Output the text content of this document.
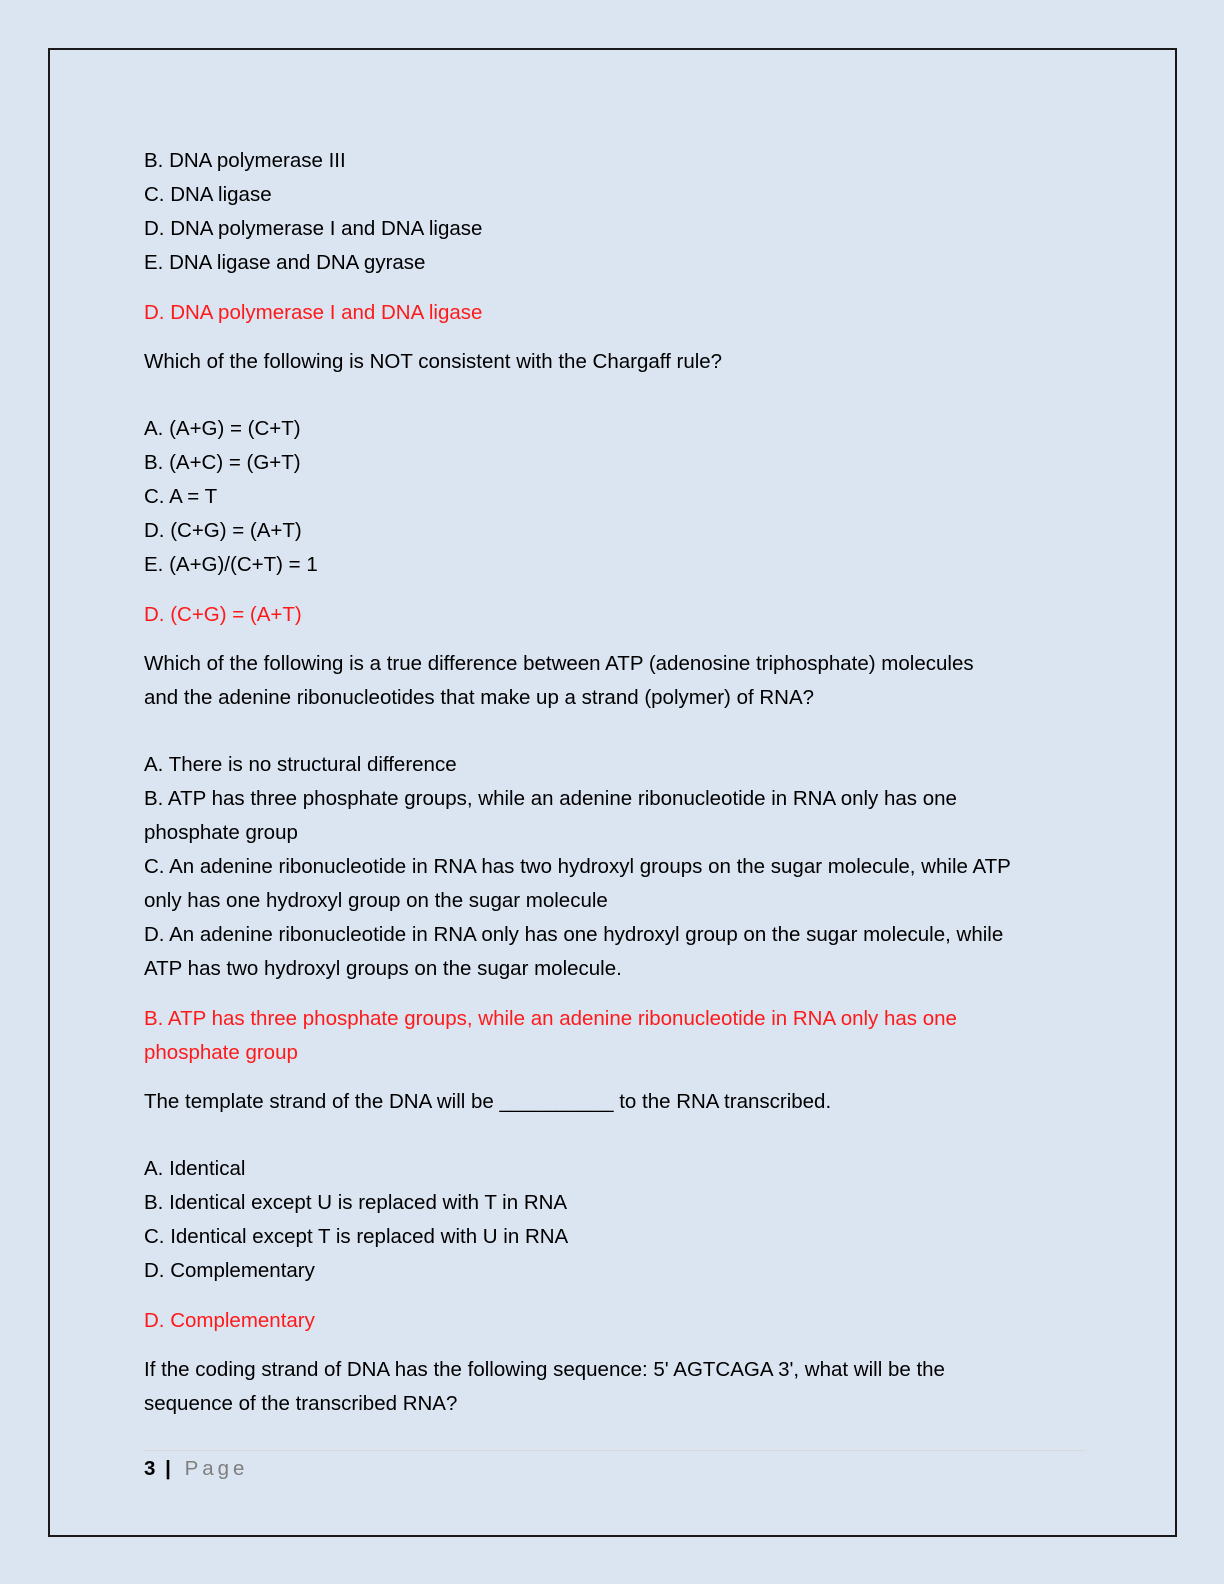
B. DNA polymerase III
C. DNA ligase
D. DNA polymerase I and DNA ligase
E. DNA ligase and DNA gyrase
D. DNA polymerase I and DNA ligase
Which of the following is NOT consistent with the Chargaff rule?
A. (A+G) = (C+T)
B. (A+C) = (G+T)
C. A = T
D. (C+G) = (A+T)
E. (A+G)/(C+T) = 1
D. (C+G) = (A+T)
Which of the following is a true difference between ATP (adenosine triphosphate) molecules
and the adenine ribonucleotides that make up a strand (polymer) of RNA?
A. There is no structural difference
B. ATP has three phosphate groups, while an adenine ribonucleotide in RNA only has one
phosphate group
C. An adenine ribonucleotide in RNA has two hydroxyl groups on the sugar molecule, while ATP
only has one hydroxyl group on the sugar molecule
D. An adenine ribonucleotide in RNA only has one hydroxyl group on the sugar molecule, while
ATP has two hydroxyl groups on the sugar molecule.
B. ATP has three phosphate groups, while an adenine ribonucleotide in RNA only has one
phosphate group
The template strand of the DNA will be __________ to the RNA transcribed.
A. Identical
B. Identical except U is replaced with T in RNA
C. Identical except T is replaced with U in RNA
D. Complementary
D. Complementary
If the coding strand of DNA has the following sequence: 5' AGTCAGA 3', what will be the
sequence of the transcribed RNA?
3 | Page
